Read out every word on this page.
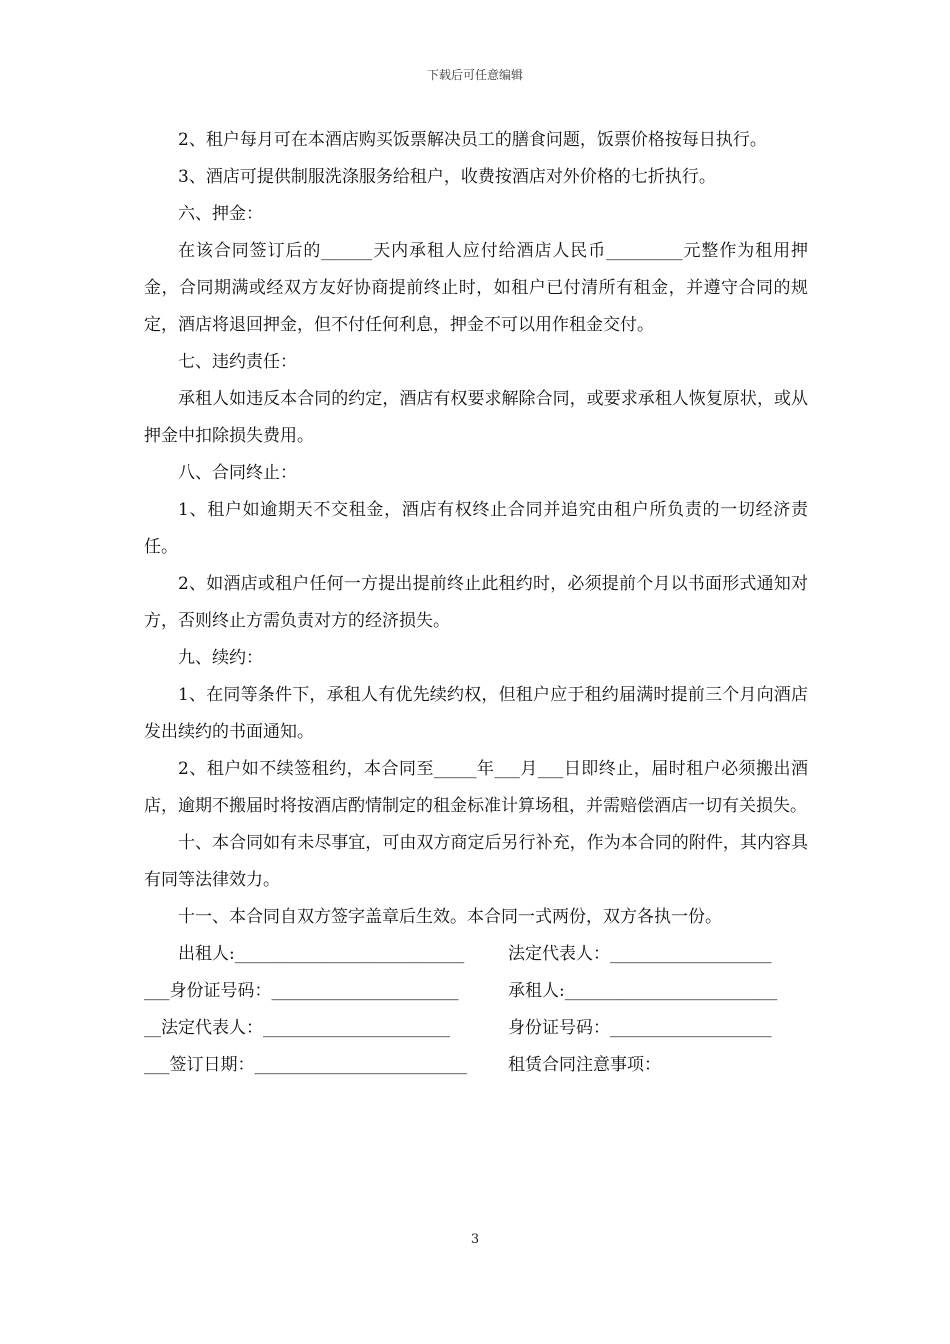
下载后可任意编辑

2、租户每月可在本酒店购买饭票解决员工的膳食问题，饭票价格按每日执行。

3、酒店可提供制服洗涤服务给租户，收费按酒店对外价格的七折执行。

六、押金：

在该合同签订后的______天内承租人应付给酒店人民币_________元整作为租用押金，合同期满或经双方友好协商提前终止时，如租户已付清所有租金，并遵守合同的规定，酒店将退回押金，但不付任何利息，押金不可以用作租金交付。

七、违约责任：

承租人如违反本合同的约定，酒店有权要求解除合同，或要求承租人恢复原状，或从押金中扣除损失费用。

八、合同终止：

1、租户如逾期天不交租金，酒店有权终止合同并追究由租户所负责的一切经济责任。

2、如酒店或租户任何一方提出提前终止此租约时，必须提前个月以书面形式通知对方，否则终止方需负责对方的经济损失。

九、续约：

1、在同等条件下，承租人有优先续约权，但租户应于租约届满时提前三个月向酒店发出续约的书面通知。

2、租户如不续签租约，本合同至_____年___月___日即终止，届时租户必须搬出酒店，逾期不搬届时将按酒店酌情制定的租金标准计算场租，并需赔偿酒店一切有关损失。

十、本合同如有未尽事宜，可由双方商定后另行补充，作为本合同的附件，其内容具有同等法律效力。

十一、本合同自双方签字盖章后生效。本合同一式两份，双方各执一份。

出租人:___________________________	法定代表人：___________________
___身份证号码：______________________	承租人:_________________________
__法定代表人：______________________	身份证号码：___________________
___签订日期：_________________________ 租赁合同注意事项：
3
